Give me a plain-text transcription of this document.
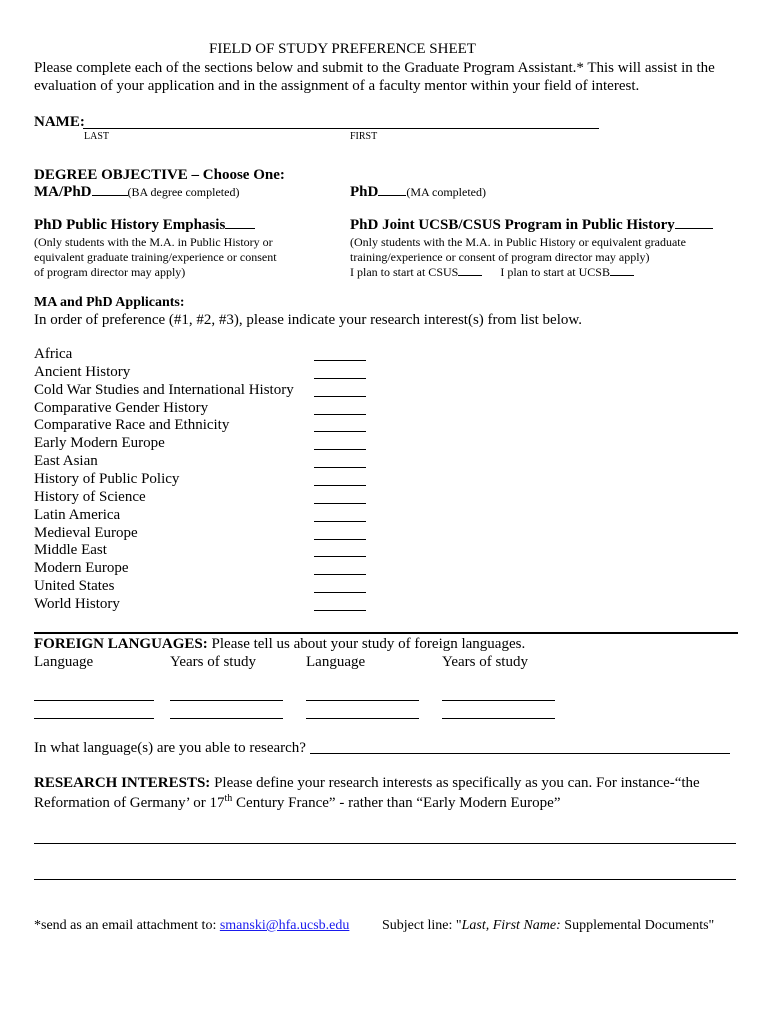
FIELD OF STUDY PREFERENCE SHEET
Please complete each of the sections below and submit to the Graduate Program Assistant.* This will assist in the
evaluation of your application and in the assignment of a faculty mentor within your field of interest.
NAME:
LAST	FIRST
DEGREE OBJECTIVE – Choose One:
MA/PhD	(BA degree completed)	PhD (MA completed)
PhD Public History Emphasis
(Only students with the M.A. in Public History or
equivalent graduate training/experience or consent
of program director may apply)
PhD Joint UCSB/CSUS Program in Public History
(Only students with the M.A. in Public History or equivalent graduate
training/experience or consent of program director may apply)
I plan to start at CSUS	I plan to start at UCSB
MA and PhD Applicants:
In order of preference (#1, #2, #3), please indicate your research interest(s) from list below.
Africa
Ancient History
Cold War Studies and International History
Comparative Gender History
Comparative Race and Ethnicity
Early Modern Europe
East Asian
History of Public Policy
History of Science
Latin America
Medieval Europe
Middle East
Modern Europe
United States
World History
FOREIGN LANGUAGES: Please tell us about your study of foreign languages.
Language	Years of study	Language	Years of study
In what language(s) are you able to research?
RESEARCH INTERESTS: Please define your research interests as specifically as you can. For instance-“the
Reformation of Germany’ or 17th Century France” - rather than “Early Modern Europe”
*send as an email attachment to: smanski@hfa.ucsb.edu Subject line: "Last, First Name: Supplemental Documents"
